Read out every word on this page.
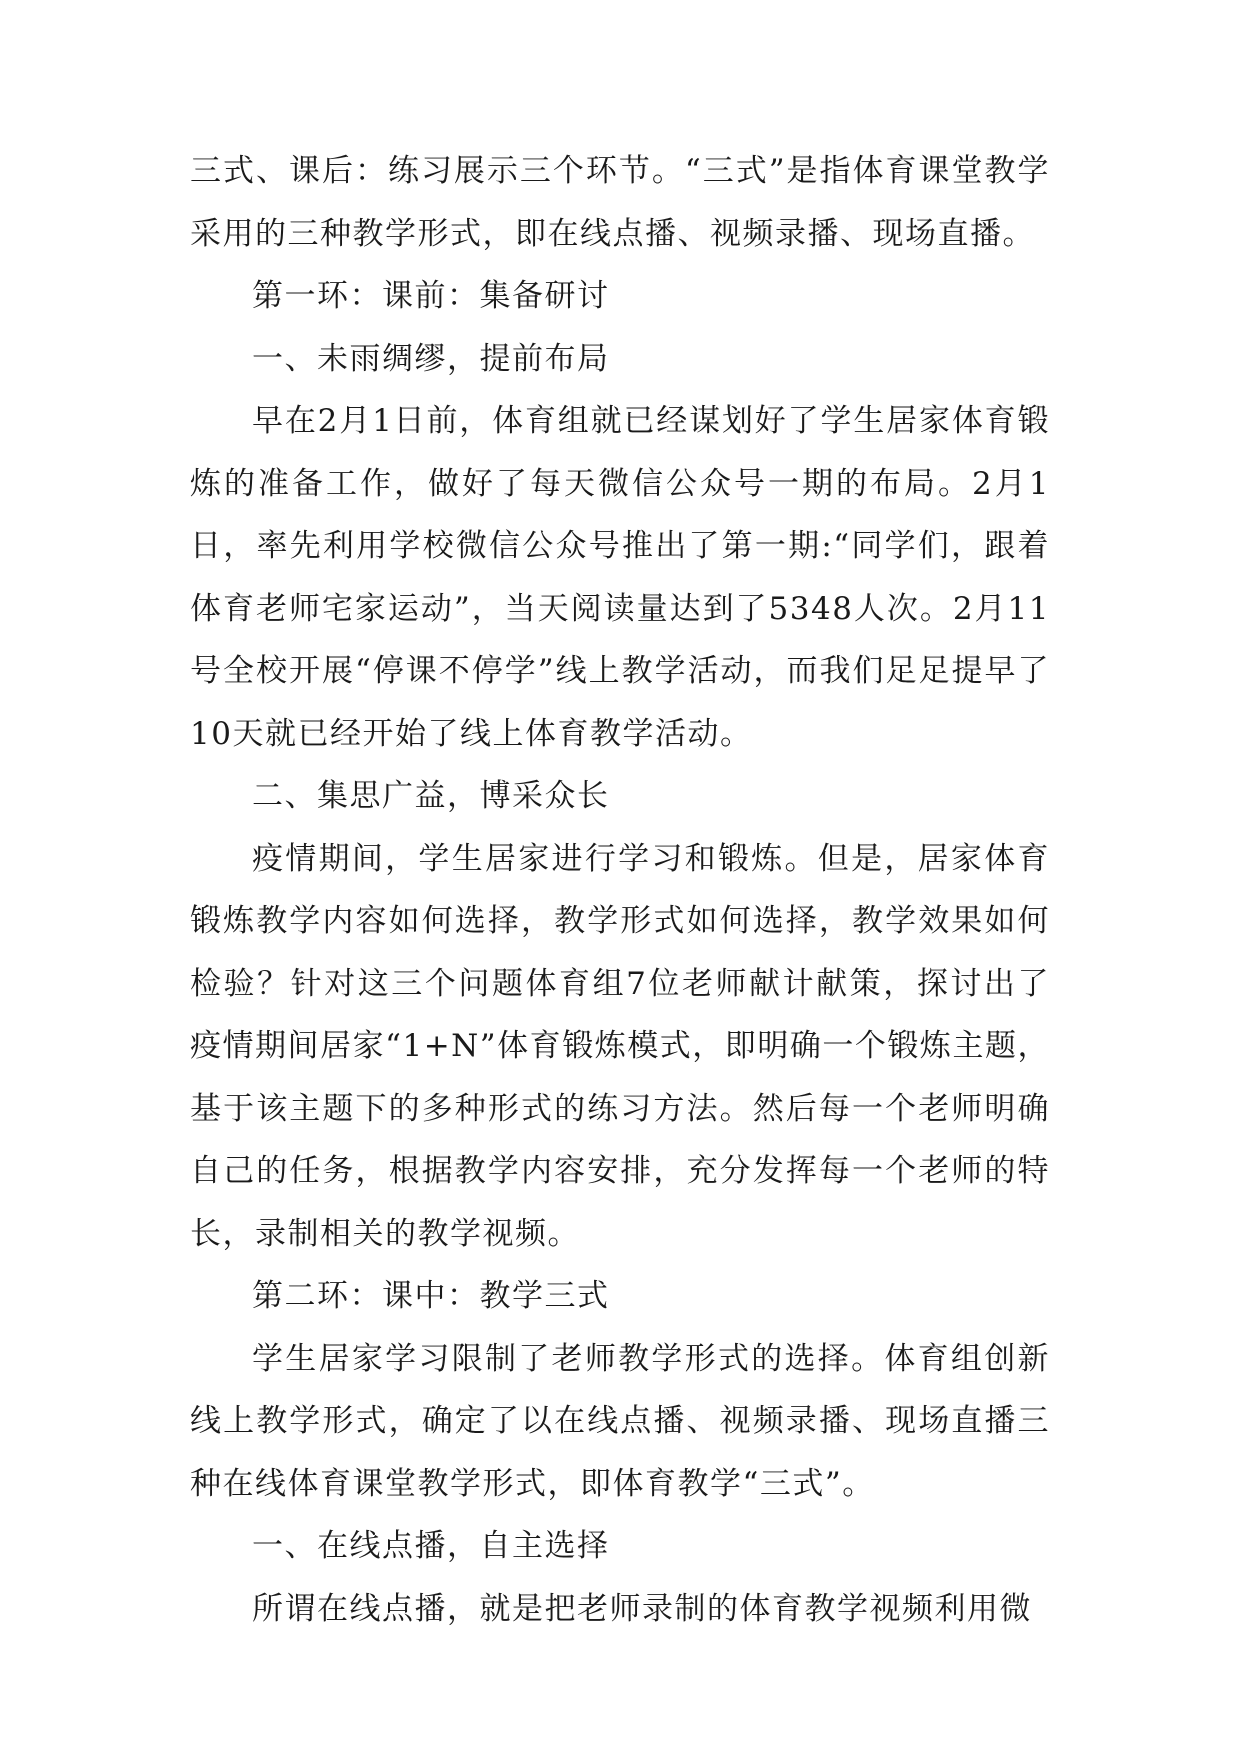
三式、课后：练习展示三个环节。“三式”是指体育课堂教学采用的三种教学形式，即在线点播、视频录播、现场直播。

第一环：课前：集备研讨

一、未雨绸缪，提前布局

早在2月1日前，体育组就已经谋划好了学生居家体育锻炼的准备工作，做好了每天微信公众号一期的布局。2月1日，率先利用学校微信公众号推出了第一期:“同学们，跟着体育老师宅家运动”，当天阅读量达到了5348人次。2月11号全校开展“停课不停学”线上教学活动，而我们足足提早了10天就已经开始了线上体育教学活动。

二、集思广益，博采众长

疫情期间，学生居家进行学习和锻炼。但是，居家体育锻炼教学内容如何选择，教学形式如何选择，教学效果如何检验？针对这三个问题体育组7位老师献计献策，探讨出了疫情期间居家“1+N”体育锻炼模式，即明确一个锻炼主题，基于该主题下的多种形式的练习方法。然后每一个老师明确自己的任务，根据教学内容安排，充分发挥每一个老师的特长，录制相关的教学视频。

第二环：课中：教学三式

学生居家学习限制了老师教学形式的选择。体育组创新线上教学形式，确定了以在线点播、视频录播、现场直播三种在线体育课堂教学形式，即体育教学“三式”。

一、在线点播，自主选择

所谓在线点播，就是把老师录制的体育教学视频利用微
